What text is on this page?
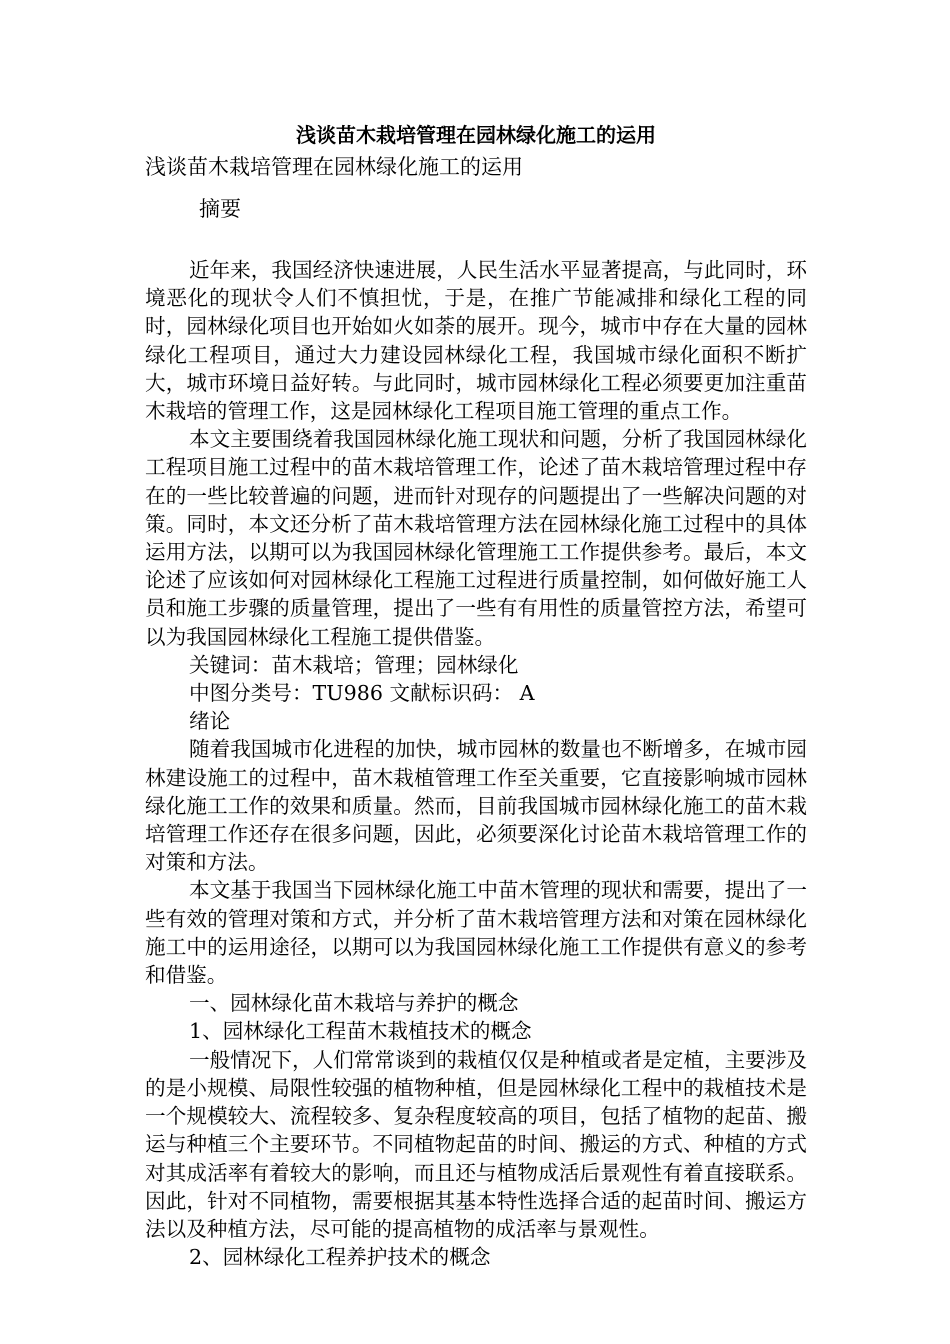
浅谈苗木栽培管理在园林绿化施工的运用
浅谈苗木栽培管理在园林绿化施工的运用
摘要

近年来，我国经济快速进展，人民生活水平显著提高，与此同时，环境恶化的现状令人们不慎担忧，于是，在推广节能减排和绿化工程的同时，园林绿化项目也开始如火如荼的展开。现今，城市中存在大量的园林绿化工程项目，通过大力建设园林绿化工程，我国城市绿化面积不断扩大，城市环境日益好转。与此同时，城市园林绿化工程必须要更加注重苗木栽培的管理工作，这是园林绿化工程项目施工管理的重点工作。

本文主要围绕着我国园林绿化施工现状和问题，分析了我国园林绿化工程项目施工过程中的苗木栽培管理工作，论述了苗木栽培管理过程中存在的一些比较普遍的问题，进而针对现存的问题提出了一些解决问题的对策。同时，本文还分析了苗木栽培管理方法在园林绿化施工过程中的具体运用方法，以期可以为我国园林绿化管理施工工作提供参考。最后，本文论述了应该如何对园林绿化工程施工过程进行质量控制，如何做好施工人员和施工步骤的质量管理，提出了一些有有用性的质量管控方法，希望可以为我国园林绿化工程施工提供借鉴。

关键词：苗木栽培；管理；园林绿化

中图分类号：TU986 文献标识码： A

绪论

随着我国城市化进程的加快，城市园林的数量也不断增多，在城市园林建设施工的过程中，苗木栽植管理工作至关重要，它直接影响城市园林绿化施工工作的效果和质量。然而，目前我国城市园林绿化施工的苗木栽培管理工作还存在很多问题，因此，必须要深化讨论苗木栽培管理工作的对策和方法。

本文基于我国当下园林绿化施工中苗木管理的现状和需要，提出了一些有效的管理对策和方式，并分析了苗木栽培管理方法和对策在园林绿化施工中的运用途径，以期可以为我国园林绿化施工工作提供有意义的参考和借鉴。

一、园林绿化苗木栽培与养护的概念

1、园林绿化工程苗木栽植技术的概念

一般情况下，人们常常谈到的栽植仅仅是种植或者是定植，主要涉及的是小规模、局限性较强的植物种植，但是园林绿化工程中的栽植技术是一个规模较大、流程较多、复杂程度较高的项目，包括了植物的起苗、搬运与种植三个主要环节。不同植物起苗的时间、搬运的方式、种植的方式对其成活率有着较大的影响，而且还与植物成活后景观性有着直接联系。因此，针对不同植物，需要根据其基本特性选择合适的起苗时间、搬运方法以及种植方法，尽可能的提高植物的成活率与景观性。

2、园林绿化工程养护技术的概念
